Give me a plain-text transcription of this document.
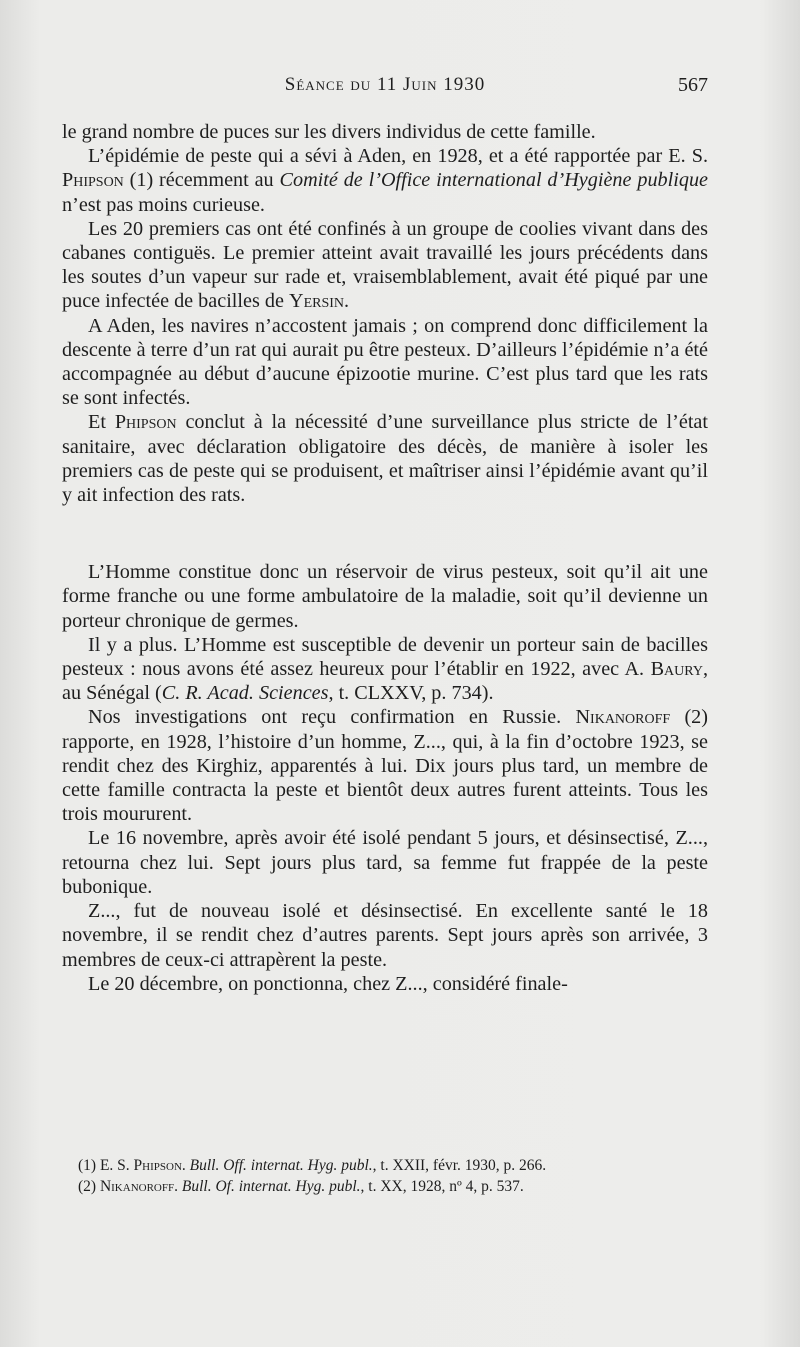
Séance du 11 Juin 1930	567

le grand nombre de puces sur les divers individus de cette famille.

L’épidémie de peste qui a sévi à Aden, en 1928, et a été rapportée par E. S. Phipson (1) récemment au Comité de l’Office international d’Hygiène publique n’est pas moins curieuse.

Les 20 premiers cas ont été confinés à un groupe de coolies vivant dans des cabanes contiguës. Le premier atteint avait travaillé les jours précédents dans les soutes d’un vapeur sur rade et, vraisemblablement, avait été piqué par une puce infectée de bacilles de Yersin.

A Aden, les navires n’accostent jamais ; on comprend donc difficilement la descente à terre d’un rat qui aurait pu être pesteux. D’ailleurs l’épidémie n’a été accompagnée au début d’aucune épizootie murine. C’est plus tard que les rats se sont infectés.

Et Phipson conclut à la nécessité d’une surveillance plus stricte de l’état sanitaire, avec déclaration obligatoire des décès, de manière à isoler les premiers cas de peste qui se produisent, et maîtriser ainsi l’épidémie avant qu’il y ait infection des rats.

L’Homme constitue donc un réservoir de virus pesteux, soit qu’il ait une forme franche ou une forme ambulatoire de la maladie, soit qu’il devienne un porteur chronique de germes.

Il y a plus. L’Homme est susceptible de devenir un porteur sain de bacilles pesteux : nous avons été assez heureux pour l’établir en 1922, avec A. Baury, au Sénégal (C. R. Acad. Sciences, t. CLXXV, p. 734).

Nos investigations ont reçu confirmation en Russie. Nikanoroff (2) rapporte, en 1928, l’histoire d’un homme, Z..., qui, à la fin d’octobre 1923, se rendit chez des Kirghiz, apparentés à lui. Dix jours plus tard, un membre de cette famille contracta la peste et bientôt deux autres furent atteints. Tous les trois moururent.

Le 16 novembre, après avoir été isolé pendant 5 jours, et désinsectisé, Z..., retourna chez lui. Sept jours plus tard, sa femme fut frappée de la peste bubonique.

Z..., fut de nouveau isolé et désinsectisé. En excellente santé le 18 novembre, il se rendit chez d’autres parents. Sept jours après son arrivée, 3 membres de ceux-ci attrapèrent la peste.

Le 20 décembre, on ponctionna, chez Z..., considéré finale-

(1) E. S. Phipson. Bull. Off. internat. Hyg. publ., t. XXII, févr. 1930, p. 266.
(2) Nikanoroff. Bull. Of. internat. Hyg. publ., t. XX, 1928, nº 4, p. 537.
